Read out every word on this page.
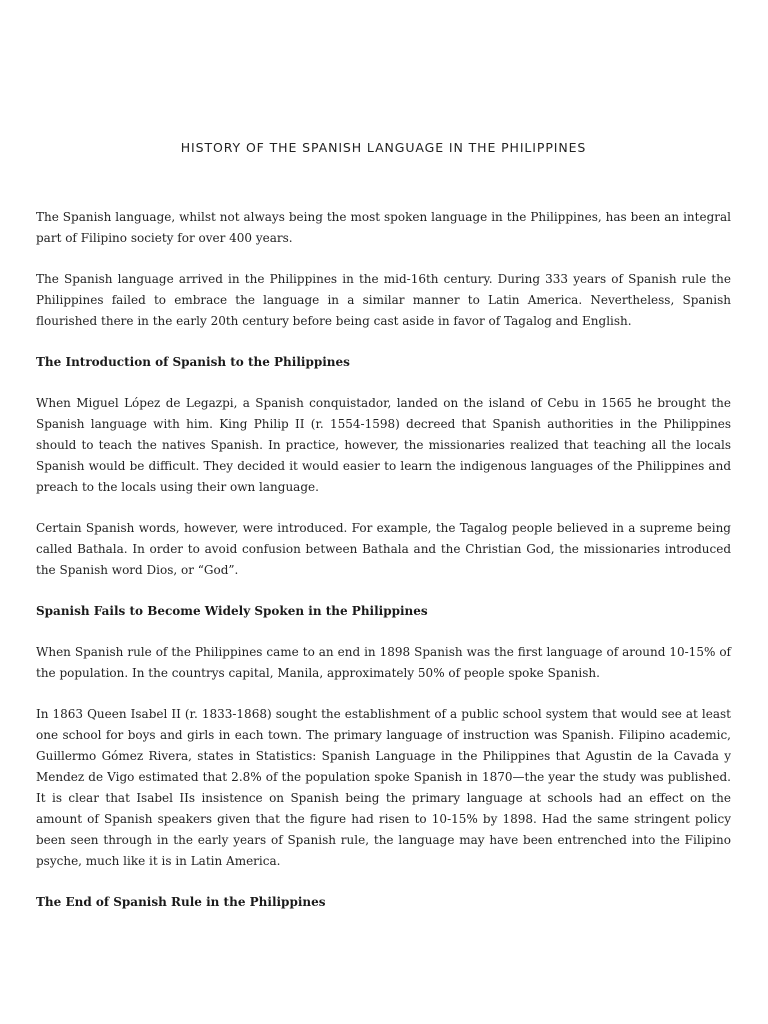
HISTORY OF THE SPANISH LANGUAGE IN THE PHILIPPINES

The Spanish language, whilst not always being the most spoken language in the Philippines, has been an integral part of Filipino society for over 400 years.

The Spanish language arrived in the Philippines in the mid-16th century. During 333 years of Spanish rule the Philippines failed to embrace the language in a similar manner to Latin America. Nevertheless, Spanish flourished there in the early 20th century before being cast aside in favor of Tagalog and English.

The Introduction of Spanish to the Philippines

When Miguel López de Legazpi, a Spanish conquistador, landed on the island of Cebu in 1565 he brought the Spanish language with him. King Philip II (r. 1554-1598) decreed that Spanish authorities in the Philippines should to teach the natives Spanish. In practice, however, the missionaries realized that teaching all the locals Spanish would be difficult. They decided it would easier to learn the indigenous languages of the Philippines and preach to the locals using their own language.

Certain Spanish words, however, were introduced. For example, the Tagalog people believed in a supreme being called Bathala. In order to avoid confusion between Bathala and the Christian God, the missionaries introduced the Spanish word Dios, or “God”.

Spanish Fails to Become Widely Spoken in the Philippines

When Spanish rule of the Philippines came to an end in 1898 Spanish was the first language of around 10-15% of the population. In the countrys capital, Manila, approximately 50% of people spoke Spanish.

In 1863 Queen Isabel II (r. 1833-1868) sought the establishment of a public school system that would see at least one school for boys and girls in each town. The primary language of instruction was Spanish. Filipino academic, Guillermo Gómez Rivera, states in Statistics: Spanish Language in the Philippines that Agustin de la Cavada y Mendez de Vigo estimated that 2.8% of the population spoke Spanish in 1870—the year the study was published. It is clear that Isabel IIs insistence on Spanish being the primary language at schools had an effect on the amount of Spanish speakers given that the figure had risen to 10-15% by 1898. Had the same stringent policy been seen through in the early years of Spanish rule, the language may have been entrenched into the Filipino psyche, much like it is in Latin America.

The End of Spanish Rule in the Philippines
